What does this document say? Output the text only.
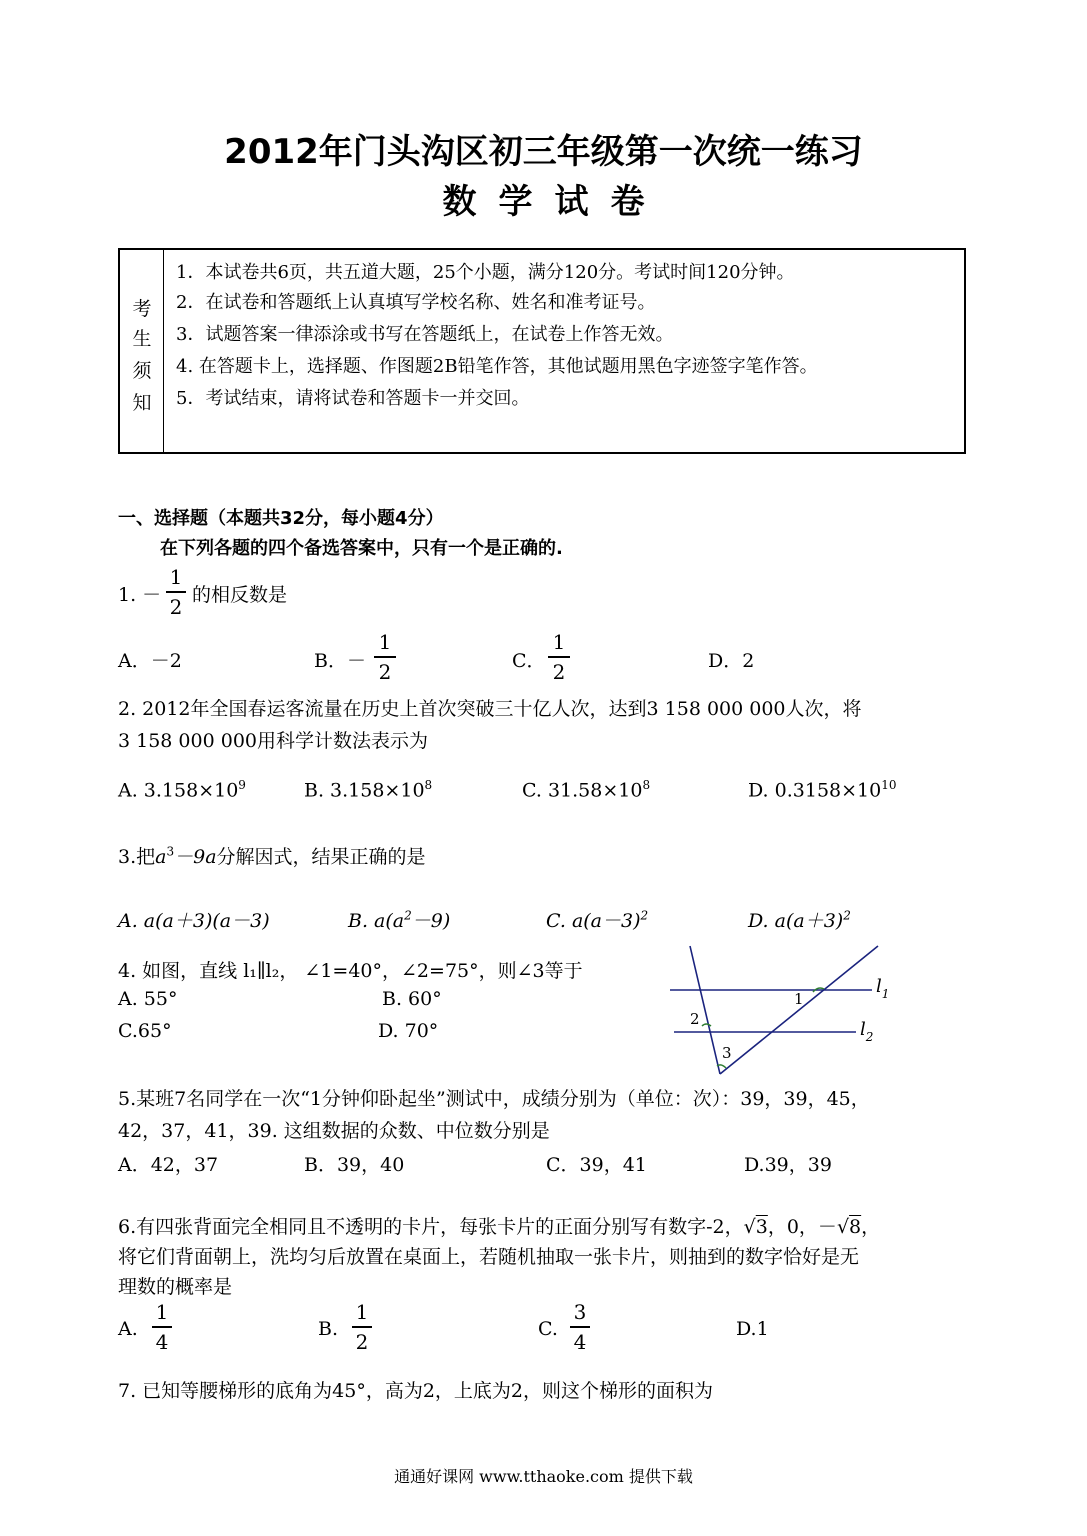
2012年门头沟区初三年级第一次统一练习
数学试卷
考
生
须
知
1．本试卷共6页，共五道大题，25个小题，满分120分。考试时间120分钟。
2．在试卷和答题纸上认真填写学校名称、姓名和准考证号。
3．试题答案一律添涂或书写在答题纸上，在试卷上作答无效。
4. 在答题卡上，选择题、作图题2B铅笔作答，其他试题用黑色字迹签字笔作答。
5．考试结束，请将试卷和答题卡一并交回。
一、选择题（本题共32分，每小题4分）
在下列各题的四个备选答案中，只有一个是正确的.
1. －
1
2 的相反数是
A．－2	B．－
1
2	C．
1
2	D．2
2. 2012年全国春运客流量在历史上首次突破三十亿人次，达到3 158 000 000人次，将
3 158 000 000用科学计数法表示为
A. $3.158\times 10^9$	B. $3.158\times 10^8$	C. $31.58\times 10^8$	D. $0.3158\times 10^{10}$
3.把$a^3-9a$分解因式，结果正确的是
A. a(a＋3)(a－3)	B. $a(a^2-9)$	C. $a(a-3)^2$	D. $a(a+3)^2$
4. 如图，直线 l₁∥l₂， ∠1=40°，∠2=75°，则∠3等于
A. 55°	B. 60°
C.65°	D. 70°
$l_1$
$l_2$
1
2
3
5.某班7名同学在一次“1分钟仰卧起坐”测试中，成绩分别为（单位：次）：39，39，45，
42，37，41，39. 这组数据的众数、中位数分别是
A．42，37	B．39，40	C．39，41	D.39，39
6.有四张背面完全相同且不透明的卡片，每张卡片的正面分别写有数字-2，√3，0，－√8，
将它们背面朝上，洗均匀后放置在桌面上，若随机抽取一张卡片，则抽到的数字恰好是无
理数的概率是
A.
1
4
B.
1
2
C.
3
4
D.1
7. 已知等腰梯形的底角为45°，高为2，上底为2，则这个梯形的面积为
通通好课网 www.tthaoke.com 提供下载
